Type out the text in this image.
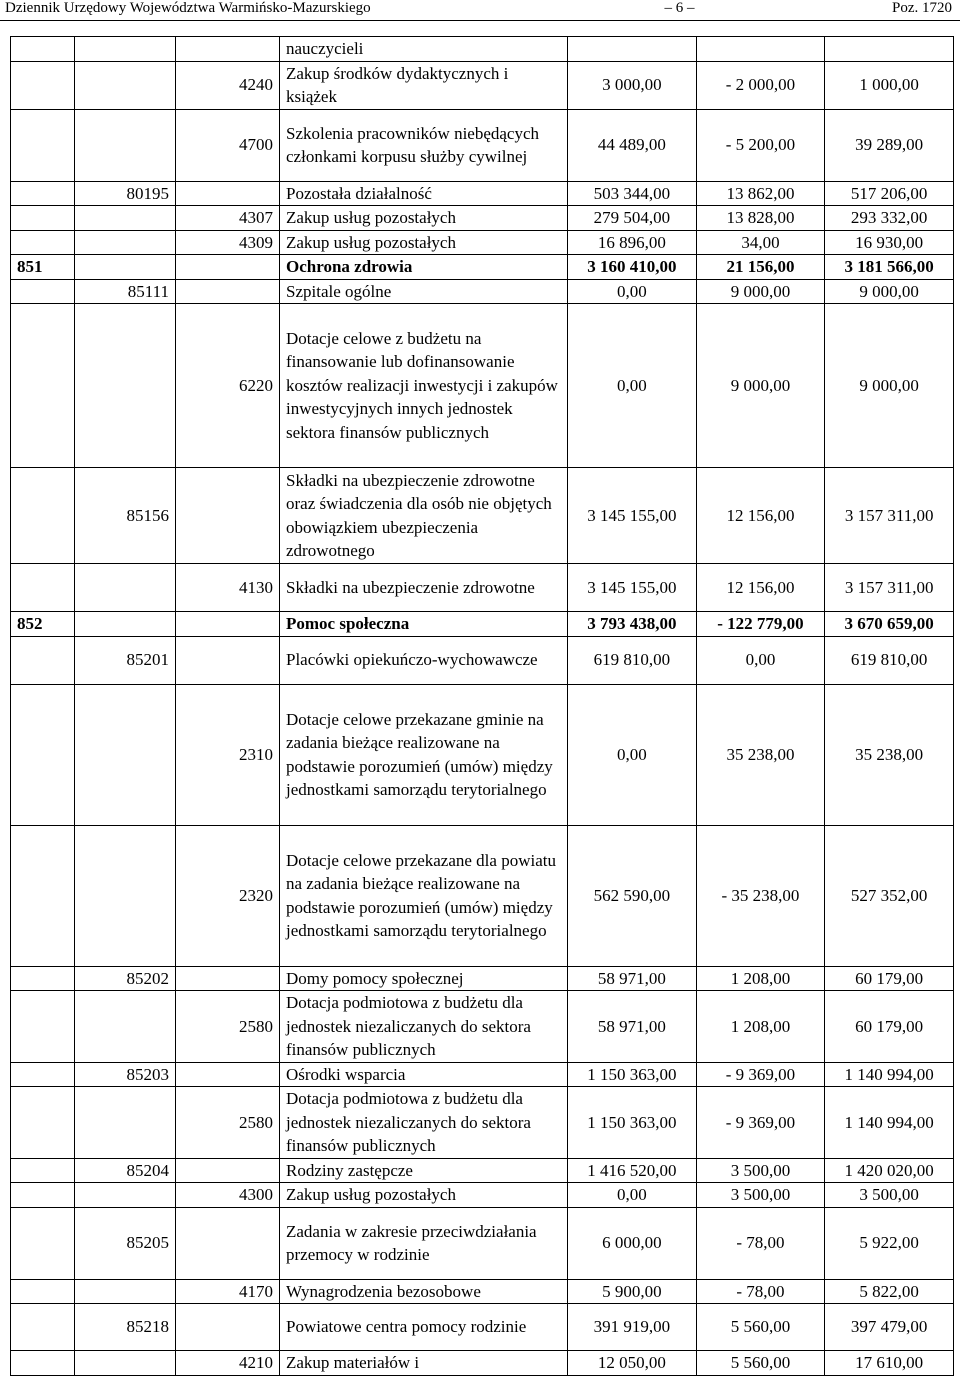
Dziennik Urzędowy Województwa Warmińsko-Mazurskiego	– 6 –	Poz. 1720
			nauczycieli			
		4240	Zakup środków dydaktycznych i książek	3 000,00	- 2 000,00	1 000,00
		4700	Szkolenia pracowników niebędących członkami korpusu służby cywilnej	44 489,00	- 5 200,00	39 289,00
	80195		Pozostała działalność	503 344,00	13 862,00	517 206,00
		4307	Zakup usług pozostałych	279 504,00	13 828,00	293 332,00
		4309	Zakup usług pozostałych	16 896,00	34,00	16 930,00
851			Ochrona zdrowia	3 160 410,00	21 156,00	3 181 566,00
	85111		Szpitale ogólne	0,00	9 000,00	9 000,00
		6220	Dotacje celowe z budżetu na finansowanie lub dofinansowanie kosztów realizacji inwestycji i zakupów inwestycyjnych innych jednostek sektora finansów publicznych	0,00	9 000,00	9 000,00
	85156		Składki na ubezpieczenie zdrowotne oraz świadczenia dla osób nie objętych obowiązkiem ubezpieczenia zdrowotnego	3 145 155,00	12 156,00	3 157 311,00
		4130	Składki na ubezpieczenie zdrowotne	3 145 155,00	12 156,00	3 157 311,00
852			Pomoc społeczna	3 793 438,00	- 122 779,00	3 670 659,00
	85201		Placówki opiekuńczo-wychowawcze	619 810,00	0,00	619 810,00
		2310	Dotacje celowe przekazane gminie na zadania bieżące realizowane na podstawie porozumień (umów) między jednostkami samorządu terytorialnego	0,00	35 238,00	35 238,00
		2320	Dotacje celowe przekazane dla powiatu na zadania bieżące realizowane na podstawie porozumień (umów) między jednostkami samorządu terytorialnego	562 590,00	- 35 238,00	527 352,00
	85202		Domy pomocy społecznej	58 971,00	1 208,00	60 179,00
		2580	Dotacja podmiotowa z budżetu dla jednostek niezaliczanych do sektora finansów publicznych	58 971,00	1 208,00	60 179,00
	85203		Ośrodki wsparcia	1 150 363,00	- 9 369,00	1 140 994,00
		2580	Dotacja podmiotowa z budżetu dla jednostek niezaliczanych do sektora finansów publicznych	1 150 363,00	- 9 369,00	1 140 994,00
	85204		Rodziny zastępcze	1 416 520,00	3 500,00	1 420 020,00
		4300	Zakup usług pozostałych	0,00	3 500,00	3 500,00
	85205		Zadania w zakresie przeciwdziałania przemocy w rodzinie	6 000,00	- 78,00	5 922,00
		4170	Wynagrodzenia bezosobowe	5 900,00	- 78,00	5 822,00
	85218		Powiatowe centra pomocy rodzinie	391 919,00	5 560,00	397 479,00
		4210	Zakup materiałów i	12 050,00	5 560,00	17 610,00
